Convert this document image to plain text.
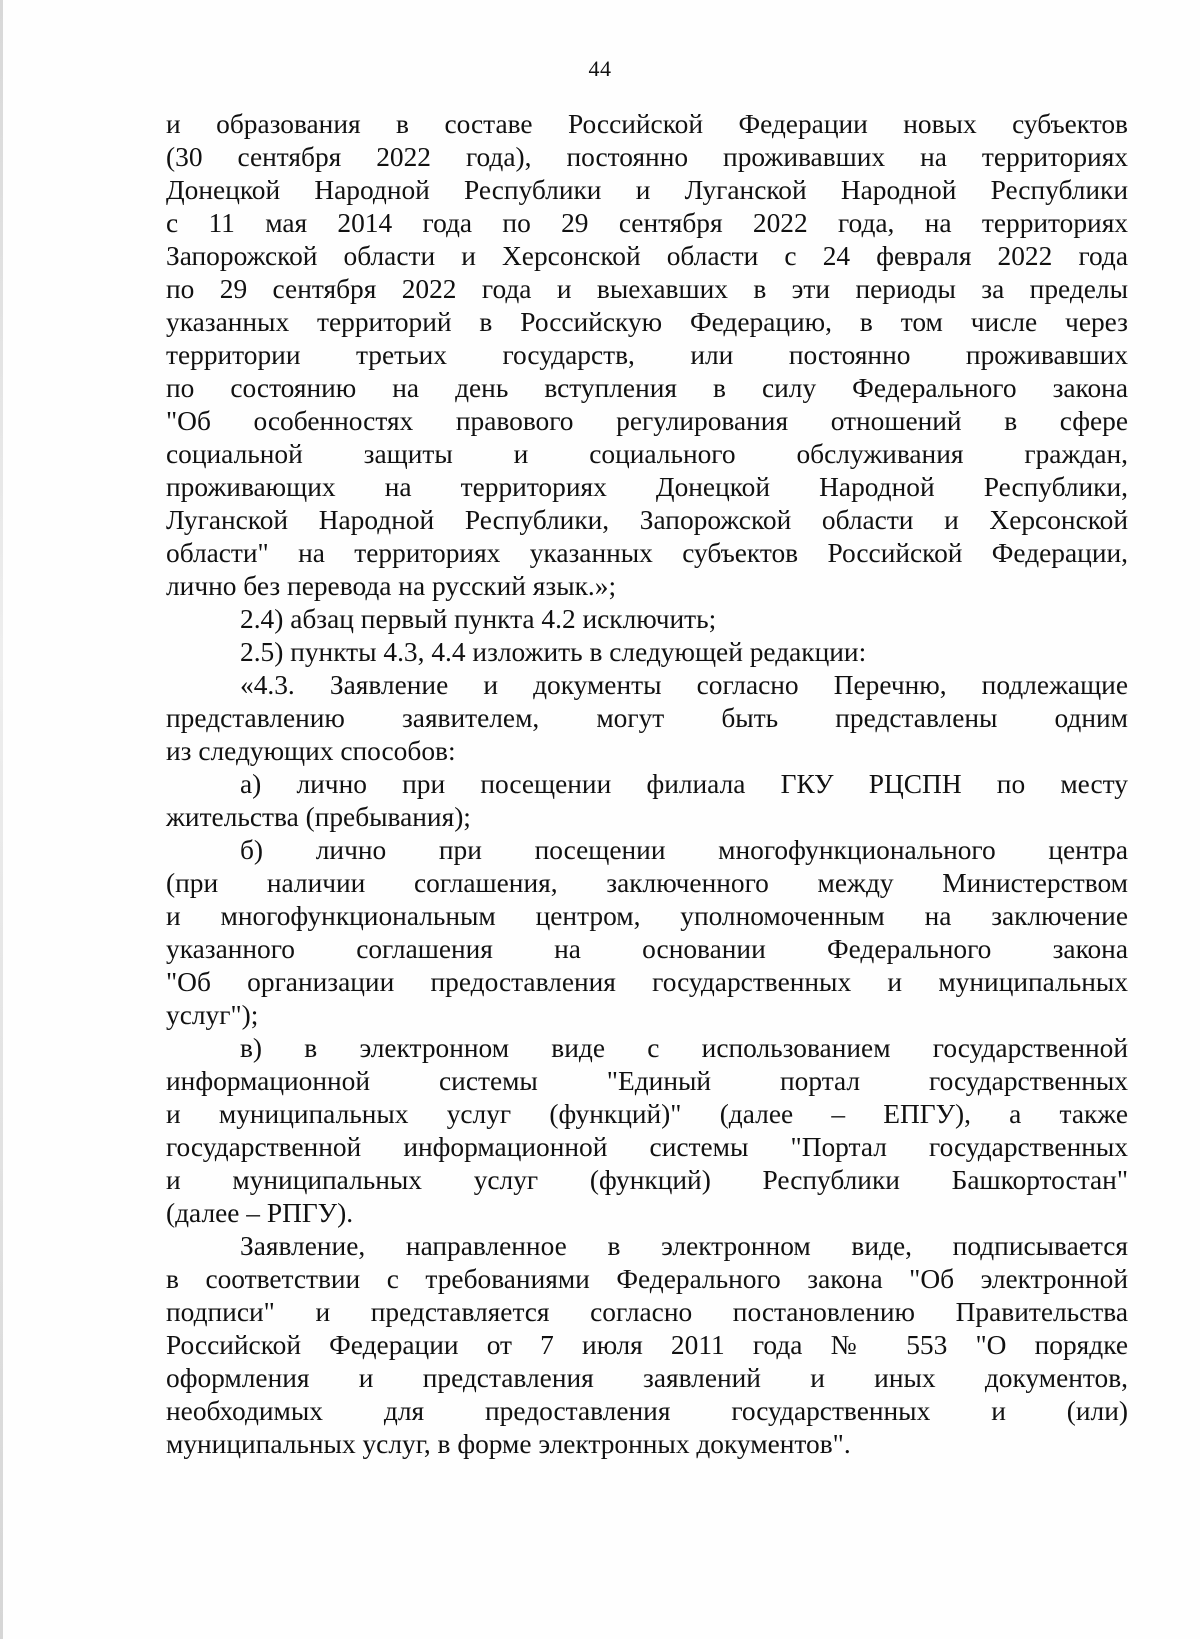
44
и образования в составе Российской Федерации новых субъектов
(30 сентября 2022 года), постоянно проживавших на территориях
Донецкой Народной Республики и Луганской Народной Республики
с 11 мая 2014 года по 29 сентября 2022 года, на территориях
Запорожской области и Херсонской области с 24 февраля 2022 года
по 29 сентября 2022 года и выехавших в эти периоды за пределы
указанных территорий в Российскую Федерацию, в том числе через
территории третьих государств, или постоянно проживавших
по состоянию на день вступления в силу Федерального закона
"Об особенностях правового регулирования отношений в сфере
социальной защиты и социального обслуживания граждан,
проживающих на территориях Донецкой Народной Республики,
Луганской Народной Республики, Запорожской области и Херсонской
области" на территориях указанных субъектов Российской Федерации,
лично без перевода на русский язык.»;
2.4) абзац первый пункта 4.2 исключить;
2.5) пункты 4.3, 4.4 изложить в следующей редакции:
«4.3. Заявление и документы согласно Перечню, подлежащие
представлению заявителем, могут быть представлены одним
из следующих способов:
а) лично при посещении филиала ГКУ РЦСПН по месту
жительства (пребывания);
б) лично при посещении многофункционального центра
(при наличии соглашения, заключенного между Министерством
и многофункциональным центром, уполномоченным на заключение
указанного соглашения на основании Федерального закона
"Об организации предоставления государственных и муниципальных
услуг");
в) в электронном виде с использованием государственной
информационной системы "Единый портал государственных
и муниципальных услуг (функций)" (далее – ЕПГУ), а также
государственной информационной системы "Портал государственных
и муниципальных услуг (функций) Республики Башкортостан"
(далее – РПГУ).
Заявление, направленное в электронном виде, подписывается
в соответствии с требованиями Федерального закона "Об электронной
подписи" и представляется согласно постановлению Правительства
Российской Федерации от 7 июля 2011 года № 553 "О порядке
оформления и представления заявлений и иных документов,
необходимых для предоставления государственных и (или)
муниципальных услуг, в форме электронных документов".
